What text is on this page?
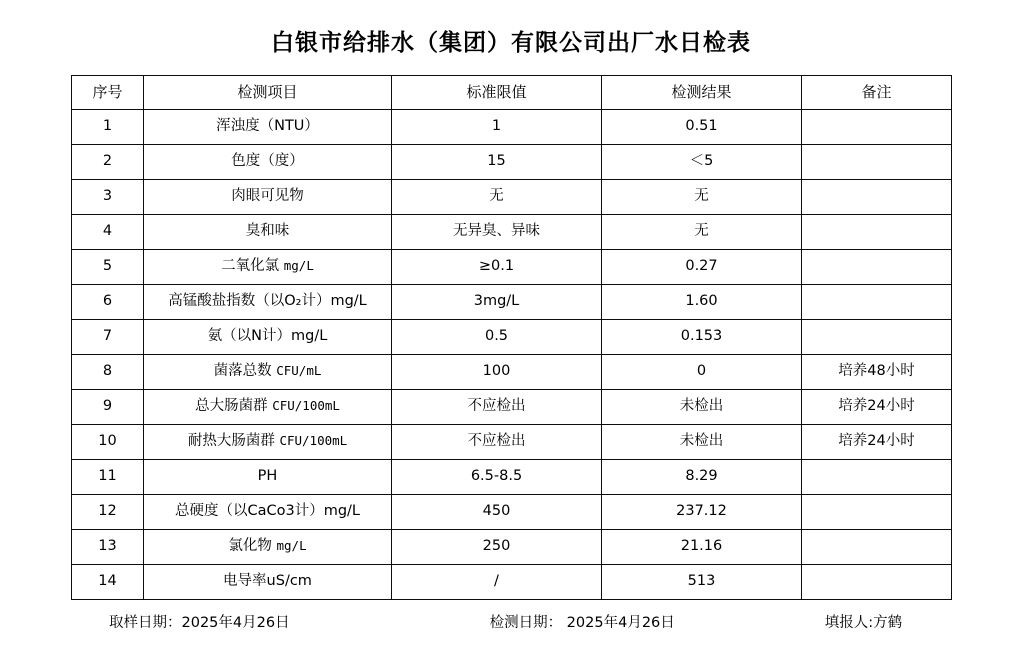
白银市给排水（集团）有限公司出厂水日检表
序号	检测项目	标准限值	检测结果	备注
1	浑浊度（NTU）	1	0.51	
2	色度（度）	15	＜5	
3	肉眼可见物	无	无	
4	臭和味	无异臭、异味	无	
5	二氧化氯 mg/L	≥0.1	0.27	
6	高锰酸盐指数（以O₂计）mg/L	3mg/L	1.60	
7	氨（以N计）mg/L	0.5	0.153	
8	菌落总数 CFU/mL	100	0	培养48小时
9	总大肠菌群 CFU/100mL	不应检出	未检出	培养24小时
10	耐热大肠菌群 CFU/100mL	不应检出	未检出	培养24小时
11	PH	6.5-8.5	8.29	
12	总硬度（以CaCo3计）mg/L	450	237.12	
13	氯化物 mg/L	250	21.16	
14	电导率uS/cm	/	513	
取样日期：2025年4月26日	检测日期： 2025年4月26日	填报人:方鹤
